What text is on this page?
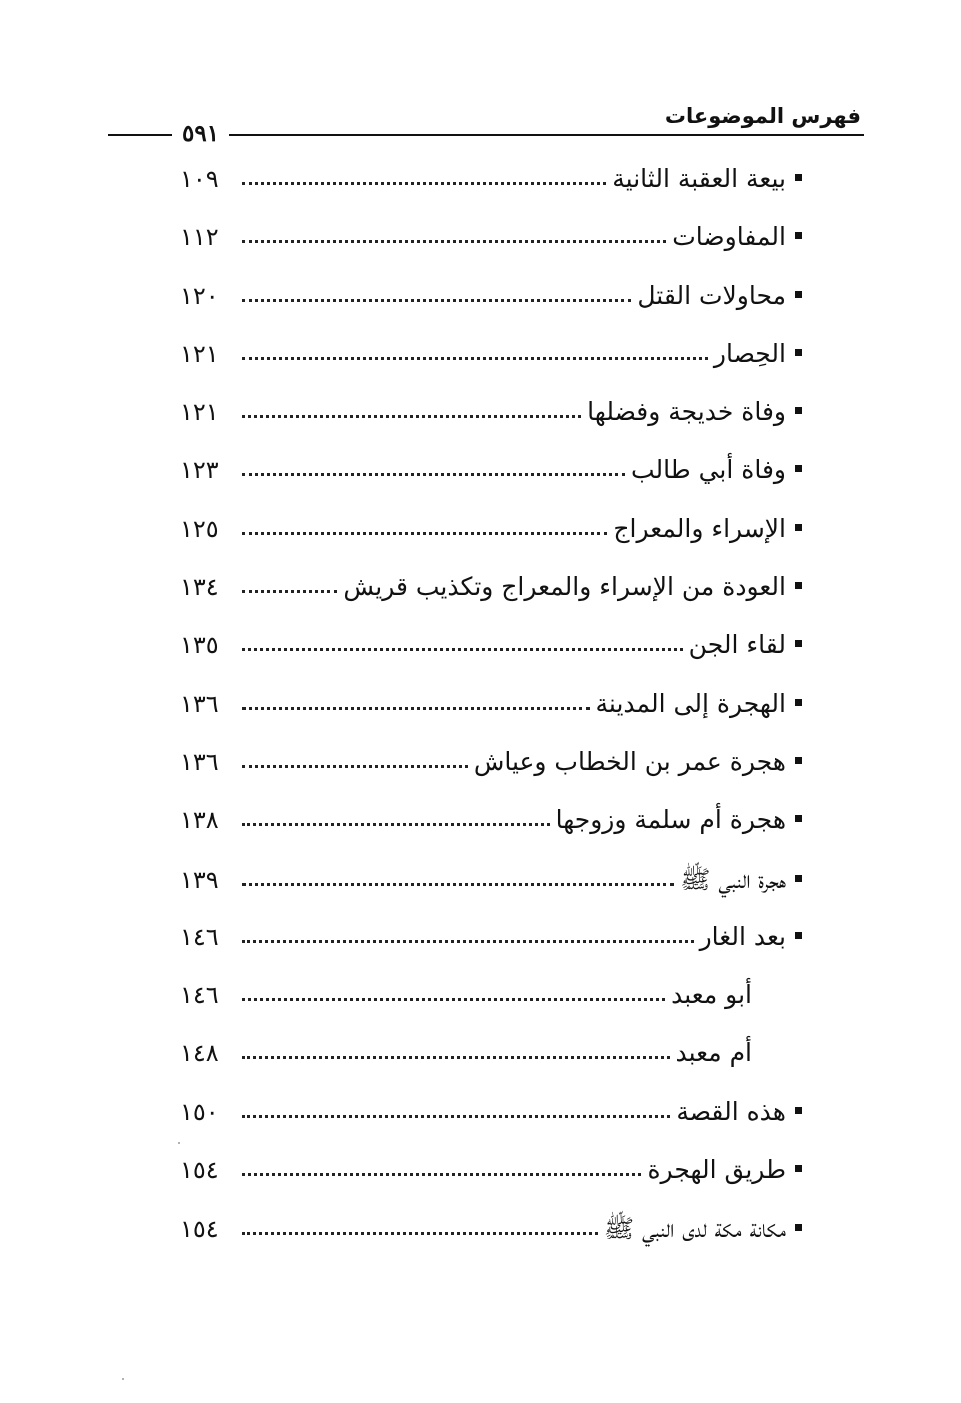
فهرس الموضوعات
٥٩١
بيعة العقبة الثانية
١٠٩
المفاوضات
١١٢
محاولات القتل
١٢٠
الحِصار
١٢١
وفاة خديجة وفضلها
١٢١
وفاة أبي طالب
١٢٣
الإسراء والمعراج
١٢٥
العودة من الإسراء والمعراج وتكذيب قريش
١٣٤
لقاء الجن
١٣٥
الهجرة إلى المدينة
١٣٦
هجرة عمر بن الخطاب وعياش
١٣٦
هجرة أم سلمة وزوجها
١٣٨
هجرة النبي ﷺ
١٣٩
بعد الغار
١٤٦
أبو معبد
١٤٦
أم معبد
١٤٨
هذه القصة
١٥٠
طريق الهجرة
١٥٤
مكانة مكة لدى النبي ﷺ
١٥٤
